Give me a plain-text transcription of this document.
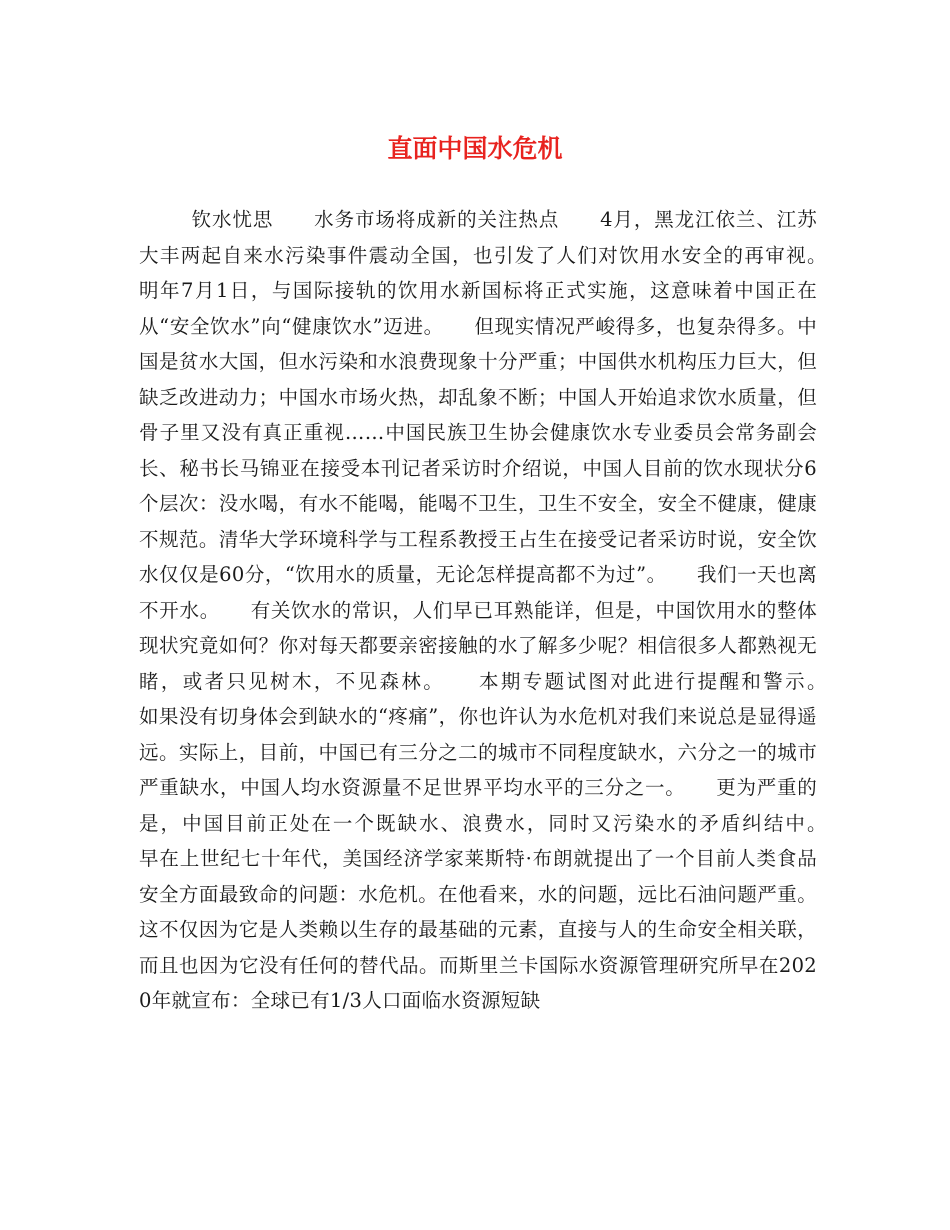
直面中国水危机

钦水忧思　　水务市场将成新的关注热点　　4月，黑龙江依兰、江苏大丰两起自来水污染事件震动全国，也引发了人们对饮用水安全的再审视。　　明年7月1日，与国际接轨的饮用水新国标将正式实施，这意味着中国正在从“安全饮水”向“健康饮水”迈进。　　但现实情况严峻得多，也复杂得多。中国是贫水大国，但水污染和水浪费现象十分严重；中国供水机构压力巨大，但缺乏改进动力；中国水市场火热，却乱象不断；中国人开始追求饮水质量，但骨子里又没有真正重视……中国民族卫生协会健康饮水专业委员会常务副会长、秘书长马锦亚在接受本刊记者采访时介绍说，中国人目前的饮水现状分6个层次：没水喝，有水不能喝，能喝不卫生，卫生不安全，安全不健康，健康不规范。清华大学环境科学与工程系教授王占生在接受记者采访时说，安全饮水仅仅是60分，“饮用水的质量，无论怎样提高都不为过”。　　我们一天也离不开水。　　有关饮水的常识，人们早已耳熟能详，但是，中国饮用水的整体现状究竟如何？你对每天都要亲密接触的水了解多少呢？相信很多人都熟视无睹，或者只见树木，不见森林。　　本期专题试图对此进行提醒和警示。　　　　如果没有切身体会到缺水的“疼痛”，你也许认为水危机对我们来说总是显得遥远。实际上，目前，中国已有三分之二的城市不同程度缺水，六分之一的城市严重缺水，中国人均水资源量不足世界平均水平的三分之一。　　更为严重的是，中国目前正处在一个既缺水、浪费水，同时又污染水的矛盾纠结中。　　　早在上世纪七十年代，美国经济学家莱斯特·布朗就提出了一个目前人类食品安全方面最致命的问题：水危机。在他看来，水的问题，远比石油问题严重。这不仅因为它是人类赖以生存的最基础的元素，直接与人的生命安全相关联，而且也因为它没有任何的替代品。而斯里兰卡国际水资源管理研究所早在2020年就宣布：全球已有1/3人口面临水资源短缺
